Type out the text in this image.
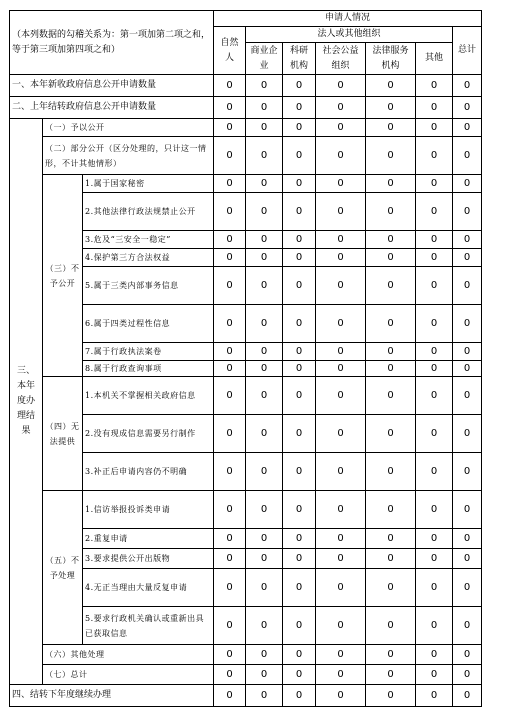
（本列数据的勾稽关系为：第一项加第二项之和，等于第三项加第四项之和）			申请人情况						
			自然人	法人或其他组织					总计
				商业企业	科研机构	社会公益组织	法律服务机构	其他	
一、本年新收政府信息公开申请数量			0	0	0	0	0	0	0
二、上年结转政府信息公开申请数量			0	0	0	0	0	0	0
三、本年度办理结果	（一）予以公开		0	0	0	0	0	0	0
	（二）部分公开（区分处理的，只计这一情形，不计其他情形）		0	0	0	0	0	0	0
	（三）不予公开	1.属于国家秘密	0	0	0	0	0	0	0
		2.其他法律行政法规禁止公开	0	0	0	0	0	0	0
		3.危及“三安全一稳定”	0	0	0	0	0	0	0
		4.保护第三方合法权益	0	0	0	0	0	0	0
		5.属于三类内部事务信息	0	0	0	0	0	0	0
		6.属于四类过程性信息	0	0	0	0	0	0	0
		7.属于行政执法案卷	0	0	0	0	0	0	0
		8.属于行政查询事项	0	0	0	0	0	0	0
	（四）无法提供	1.本机关不掌握相关政府信息	0	0	0	0	0	0	0
		2.没有现成信息需要另行制作	0	0	0	0	0	0	0
		3.补正后申请内容仍不明确	0	0	0	0	0	0	0
	（五）不予处理	1.信访举报投诉类申请	0	0	0	0	0	0	0
		2.重复申请	0	0	0	0	0	0	0
		3.要求提供公开出版物	0	0	0	0	0	0	0
		4.无正当理由大量反复申请	0	0	0	0	0	0	0
		5.要求行政机关确认或重新出具已获取信息	0	0	0	0	0	0	0
	（六）其他处理		0	0	0	0	0	0	0
	（七）总计		0	0	0	0	0	0	0
四、结转下年度继续办理			0	0	0	0	0	0	0
